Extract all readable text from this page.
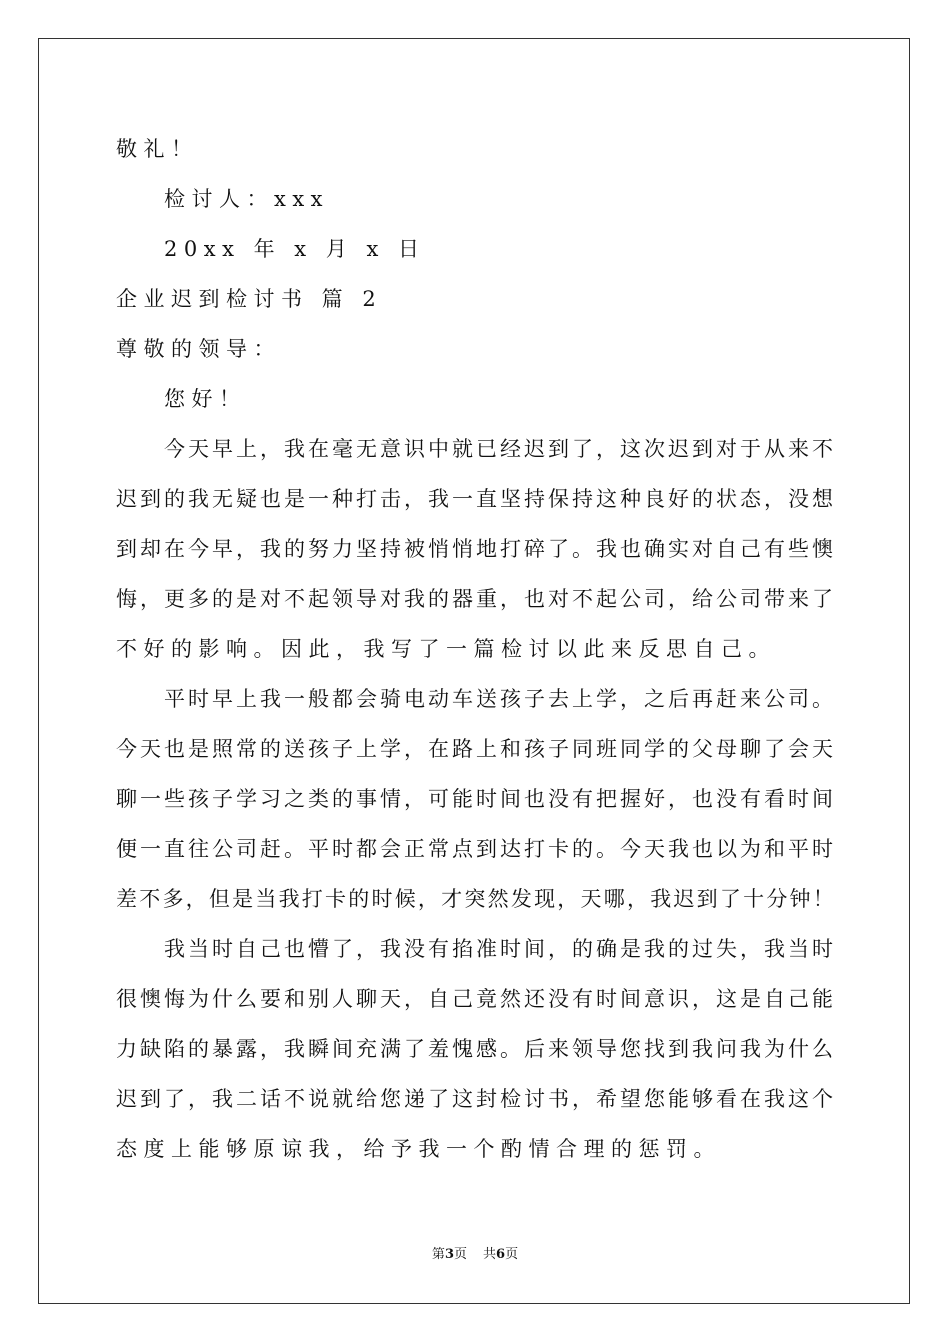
敬礼！
检讨人：xxx
20xx 年 x 月 x 日
企业迟到检讨书 篇 2
尊敬的领导：
您好！
今天早上，我在毫无意识中就已经迟到了，这次迟到对于从来不
迟到的我无疑也是一种打击，我一直坚持保持这种良好的状态，没想
到却在今早，我的努力坚持被悄悄地打碎了。我也确实对自己有些懊
悔，更多的是对不起领导对我的器重，也对不起公司，给公司带来了
不好的影响。因此，我写了一篇检讨以此来反思自己。
平时早上我一般都会骑电动车送孩子去上学，之后再赶来公司。
今天也是照常的送孩子上学，在路上和孩子同班同学的父母聊了会天
聊一些孩子学习之类的事情，可能时间也没有把握好，也没有看时间
便一直往公司赶。平时都会正常点到达打卡的。今天我也以为和平时
差不多，但是当我打卡的时候，才突然发现，天哪，我迟到了十分钟！
我当时自己也懵了，我没有掐准时间，的确是我的过失，我当时
很懊悔为什么要和别人聊天，自己竟然还没有时间意识，这是自己能
力缺陷的暴露，我瞬间充满了羞愧感。后来领导您找到我问我为什么
迟到了，我二话不说就给您递了这封检讨书，希望您能够看在我这个
态度上能够原谅我，给予我一个酌情合理的惩罚。
第3页 共6页
